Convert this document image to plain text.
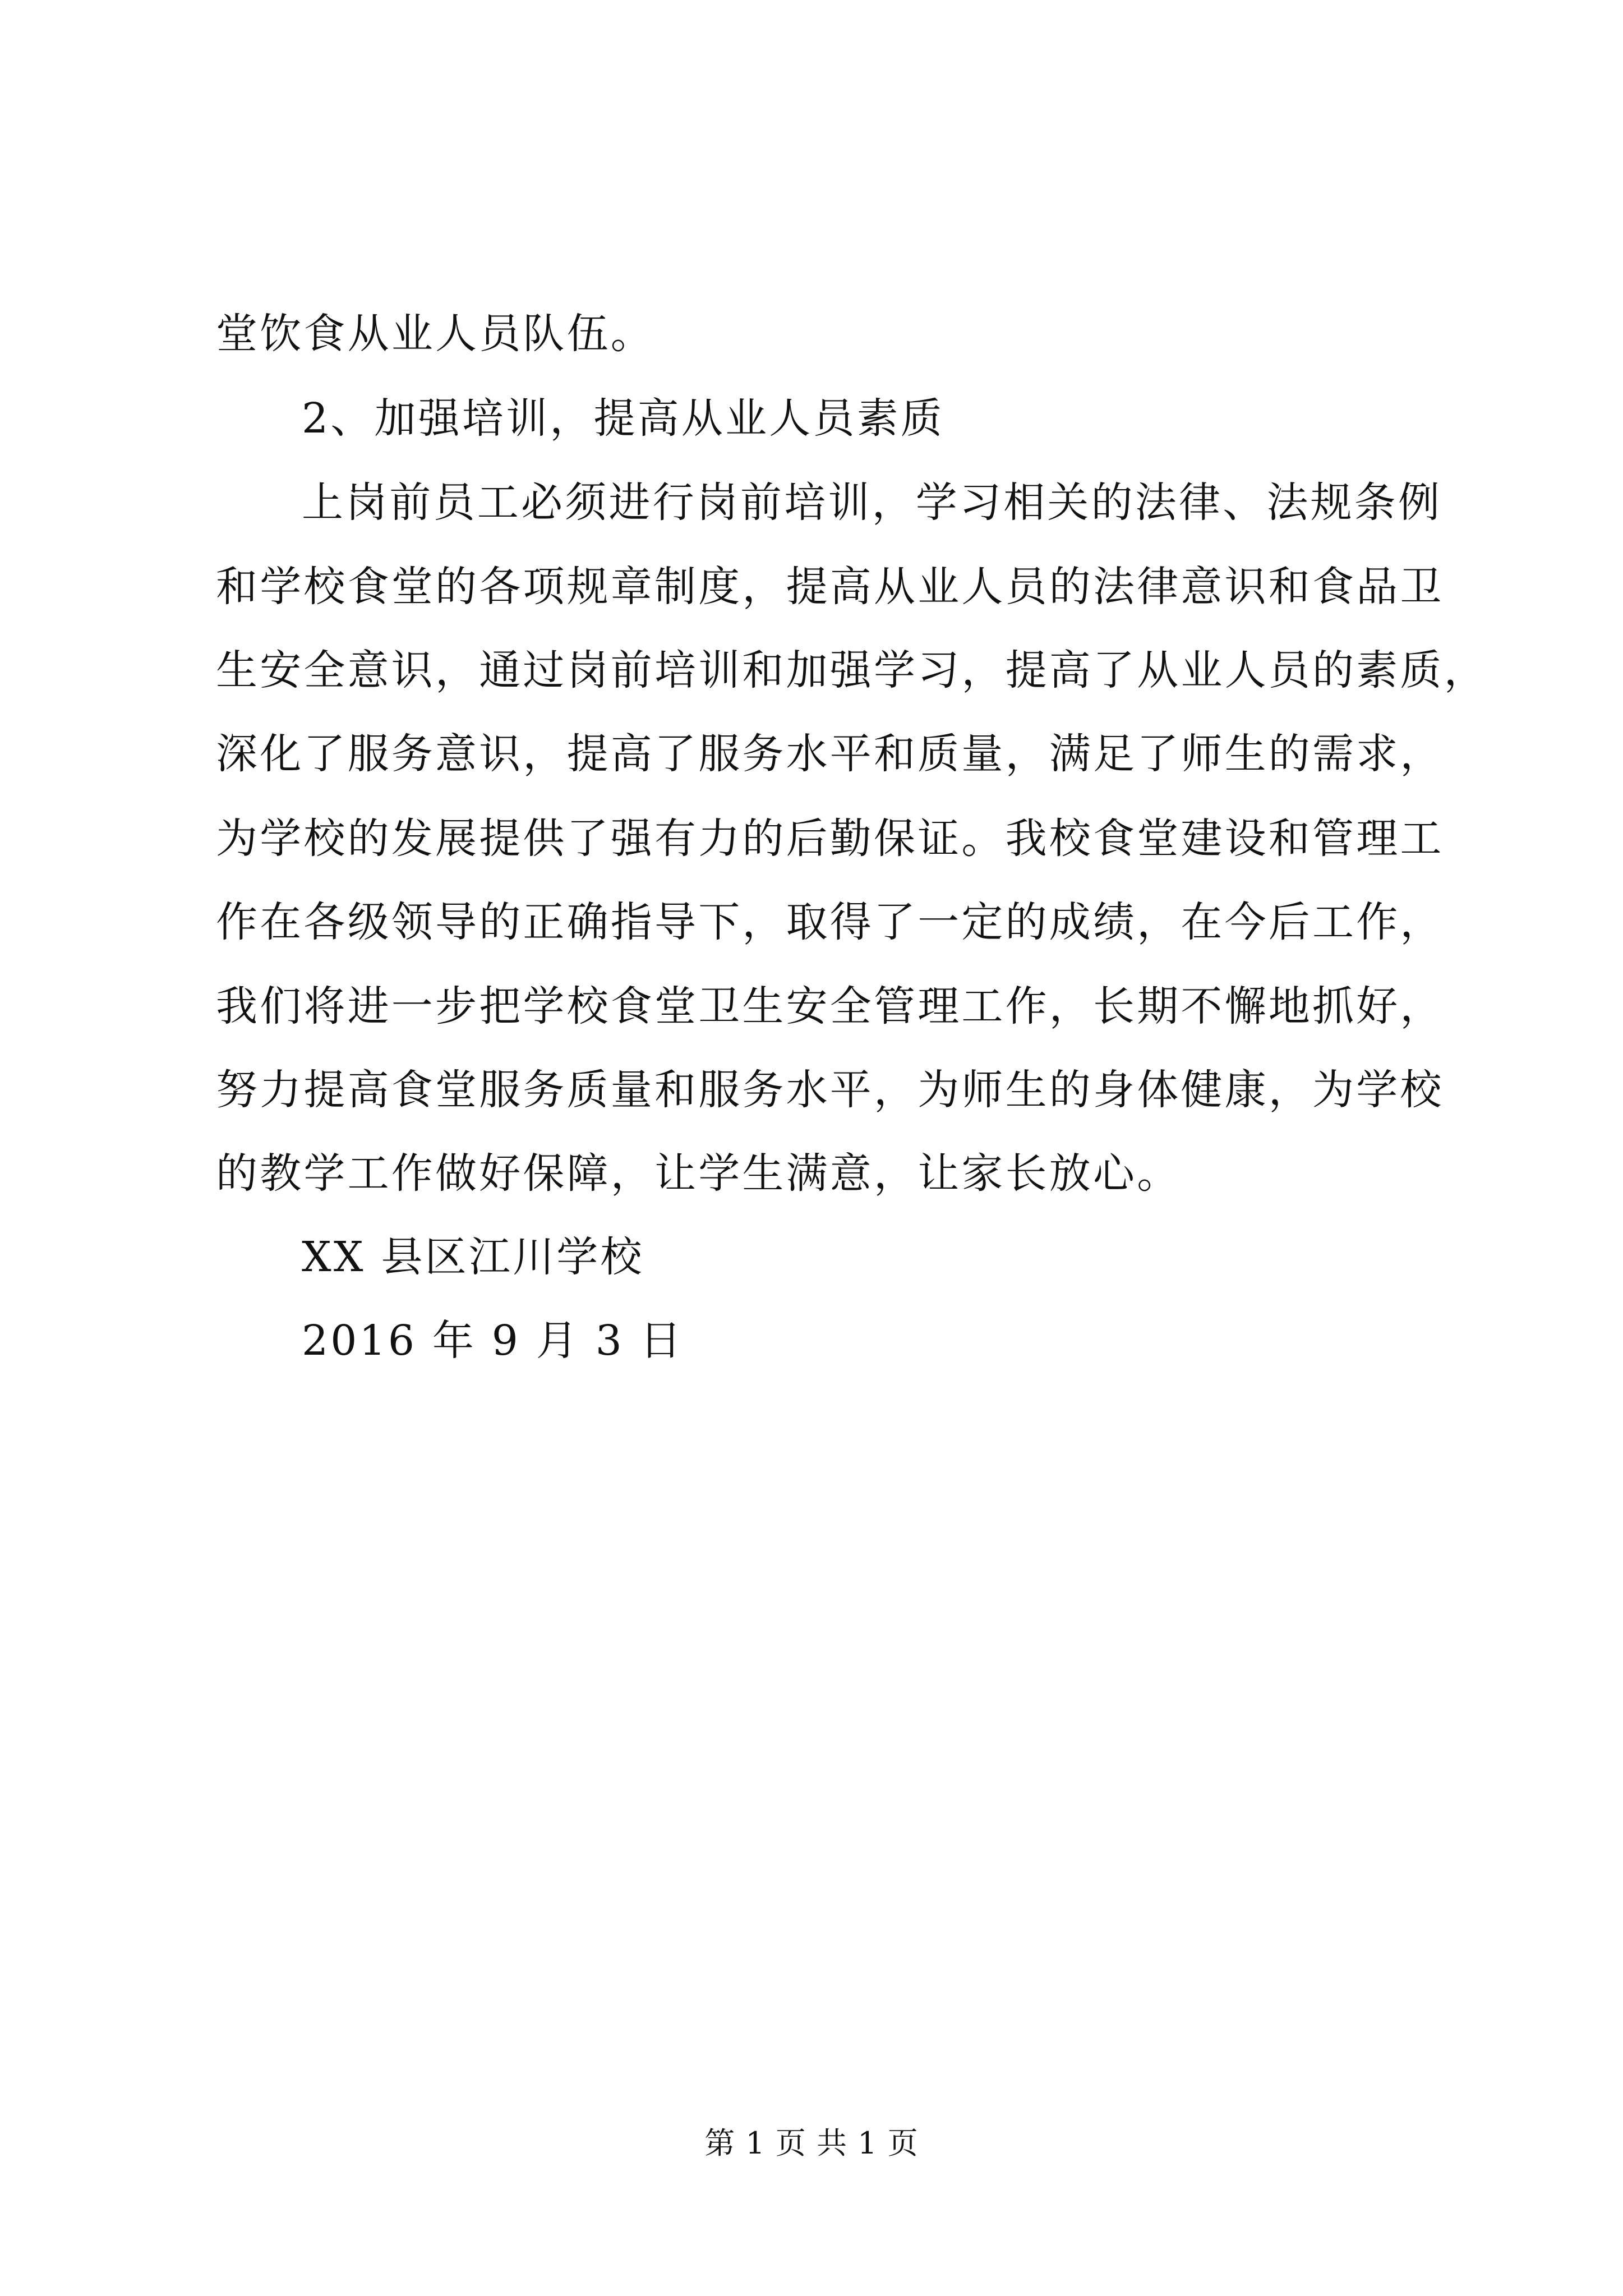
堂饮食从业人员队伍。
2、加强培训，提高从业人员素质
上岗前员工必须进行岗前培训，学习相关的法律、法规条例
和学校食堂的各项规章制度，提高从业人员的法律意识和食品卫
生安全意识，通过岗前培训和加强学习，提高了从业人员的素质，
深化了服务意识，提高了服务水平和质量，满足了师生的需求，
为学校的发展提供了强有力的后勤保证。我校食堂建设和管理工
作在各级领导的正确指导下，取得了一定的成绩，在今后工作，
我们将进一步把学校食堂卫生安全管理工作，长期不懈地抓好，
努力提高食堂服务质量和服务水平，为师生的身体健康，为学校
的教学工作做好保障，让学生满意，让家长放心。
XX 县区江川学校
2016 年 9 月 3 日
第 1 页 共 1 页
